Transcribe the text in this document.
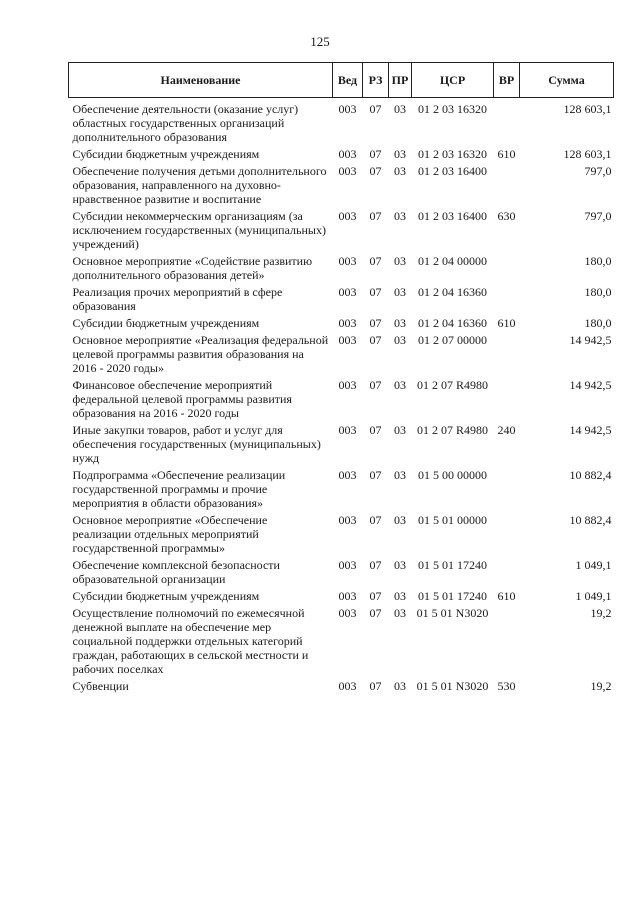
125
Наименование	Вед	РЗ	ПР	ЦСР	ВР	Сумма
Обеспечение деятельности (оказание услуг) областных государственных организаций дополнительного образования	003	07	03	01 2 03 16320		128 603,1
Субсидии бюджетным учреждениям	003	07	03	01 2 03 16320	610	128 603,1
Обеспечение получения детьми дополнительного образования, направленного на духовно-нравственное развитие и воспитание	003	07	03	01 2 03 16400		797,0
Субсидии некоммерческим организациям (за исключением государственных (муниципальных) учреждений)	003	07	03	01 2 03 16400	630	797,0
Основное мероприятие «Содействие развитию дополнительного образования детей»	003	07	03	01 2 04 00000		180,0
Реализация прочих мероприятий в сфере образования	003	07	03	01 2 04 16360		180,0
Субсидии бюджетным учреждениям	003	07	03	01 2 04 16360	610	180,0
Основное мероприятие «Реализация федеральной целевой программы развития образования на 2016 - 2020 годы»	003	07	03	01 2 07 00000		14 942,5
Финансовое обеспечение мероприятий федеральной целевой программы развития образования на 2016 - 2020 годы	003	07	03	01 2 07 R4980		14 942,5
Иные закупки товаров, работ и услуг для обеспечения государственных (муниципальных) нужд	003	07	03	01 2 07 R4980	240	14 942,5
Подпрограмма «Обеспечение реализации государственной программы и прочие мероприятия в области образования»	003	07	03	01 5 00 00000		10 882,4
Основное мероприятие «Обеспечение реализации отдельных мероприятий государственной программы»	003	07	03	01 5 01 00000		10 882,4
Обеспечение комплексной безопасности образовательной организации	003	07	03	01 5 01 17240		1 049,1
Субсидии бюджетным учреждениям	003	07	03	01 5 01 17240	610	1 049,1
Осуществление полномочий по ежемесячной денежной выплате на обеспечение мер социальной поддержки отдельных категорий граждан, работающих в сельской местности и рабочих поселках	003	07	03	01 5 01 N3020		19,2
Субвенции	003	07	03	01 5 01 N3020	530	19,2
